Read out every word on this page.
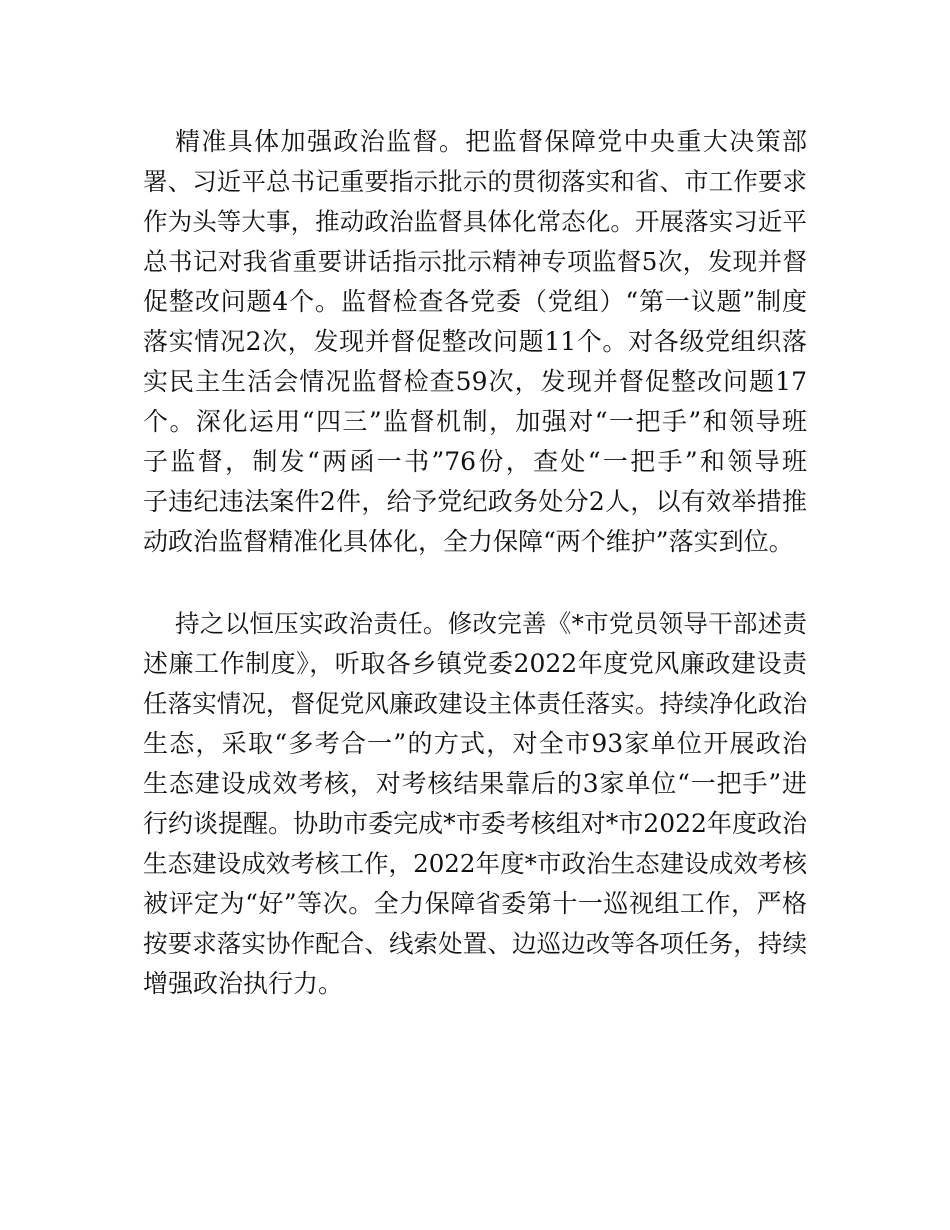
精准具体加强政治监督。把监督保障党中央重大决策部
署、习近平总书记重要指示批示的贯彻落实和省、市工作要求
作为头等大事，推动政治监督具体化常态化。开展落实习近平
总书记对我省重要讲话指示批示精神专项监督5次，发现并督
促整改问题4个。监督检查各党委（党组）“第一议题”制度
落实情况2次，发现并督促整改问题11个。对各级党组织落
实民主生活会情况监督检查59次，发现并督促整改问题17
个。深化运用“四三”监督机制，加强对“一把手”和领导班
子监督，制发“两函一书”76份，查处“一把手”和领导班
子违纪违法案件2件，给予党纪政务处分2人，以有效举措推
动政治监督精准化具体化，全力保障“两个维护”落实到位。
持之以恒压实政治责任。修改完善《*市党员领导干部述责
述廉工作制度》，听取各乡镇党委2022年度党风廉政建设责
任落实情况，督促党风廉政建设主体责任落实。持续净化政治
生态，采取“多考合一”的方式，对全市93家单位开展政治
生态建设成效考核，对考核结果靠后的3家单位“一把手”进
行约谈提醒。协助市委完成*市委考核组对*市2022年度政治
生态建设成效考核工作，2022年度*市政治生态建设成效考核
被评定为“好”等次。全力保障省委第十一巡视组工作，严格
按要求落实协作配合、线索处置、边巡边改等各项任务，持续
增强政治执行力。
